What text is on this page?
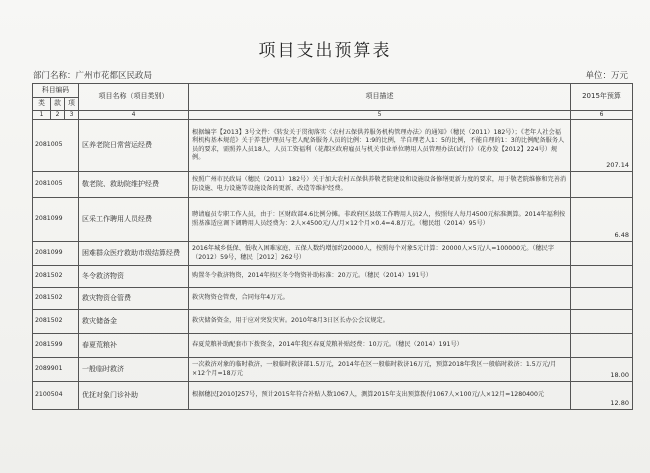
项目支出预算表
部门名称：广州市花都区民政局	单位：万元
科目编码			项目名称（项目类别）	项目描述	2015年预算
类	款	项			
1	2	3	4	5	6
2081005			区养老院日常营运经费	根据编字【2013】3号文件：《转发关于贯彻落实〈农村五保供养服务机构管理办法〉的通知》（穗民（2011）182号）；《老年人社会福利机构基本规范》关于养老护理员与老人配备服务人员的比例：1:9的比例，半自理老人1：5的比例，不能自理的1：3的比例配备服务人员的要求，需照养人员18人，人员工资福利（花都区政府雇员与机关事业单位聘用人员管理办法(试行)》（花办发【2012】224号）规例。	207.14
2081005			敬老院、救助院维护经费	按照广州市民政局（穗民（2011）182号）关于加大农村五保供养敬老院建设和设施设备修缮更新力度的要求，用于敬老院维修和完善消防设施、电力设施等设施设备的更新、改造等维护经费。	
2081099			区采工作聘用人员经费	聘请雇员专职工作人员，由于：区财政部4.6比例分摊。非政府区县级工作聘用人员2人，按照每人每月4500元标准测算。2014年福利按照基准适应调下调聘用人员经费为：2人×4500元/人/月×12个月×0.4=4.8万元。（穗民组（2014）95号）	6.48
2081099			困难群众医疗救助市级结算经费	2016年城乡低保、低收入困难家庭、五保人数约增加约20000人，按照每个对象5元计算：20000人×5元/人=100000元。（穗民字（2012）59号，穗民［2012］262号）	
2081502			冬令救济物资	购置冬令救济物资，2014年按区冬令物资补助标准：20万元。（穗民（2014）191号）	
2081502			救灾物资仓管费	救灾物资仓管费，合同每年4万元。	
2081502			救灾储备金	救灾储备资金，用于应对突发灾害。2010年8月3日区长办公会议规定。	
2081599			春夏荒粮补	春夏荒粮补助配套市下拨资金，2014年我区春夏荒粮补贴经费：10万元。（穗民（2014）191号）	
2089901			一般临时救济	一次救济对象的临时救济，一般临时救济部1.5万元，2014年在区一般临时救济16万元，预算2018年我区一般临时救济：1.5万元/月×12个月=18万元	18.00
2100504			优抚对象门诊补助	根据穗民[2010]257号，预计2015年符合补贴人数1067人，测算2015年支出预算拨付1067人×100元/人×12月=1280400元	12.80
